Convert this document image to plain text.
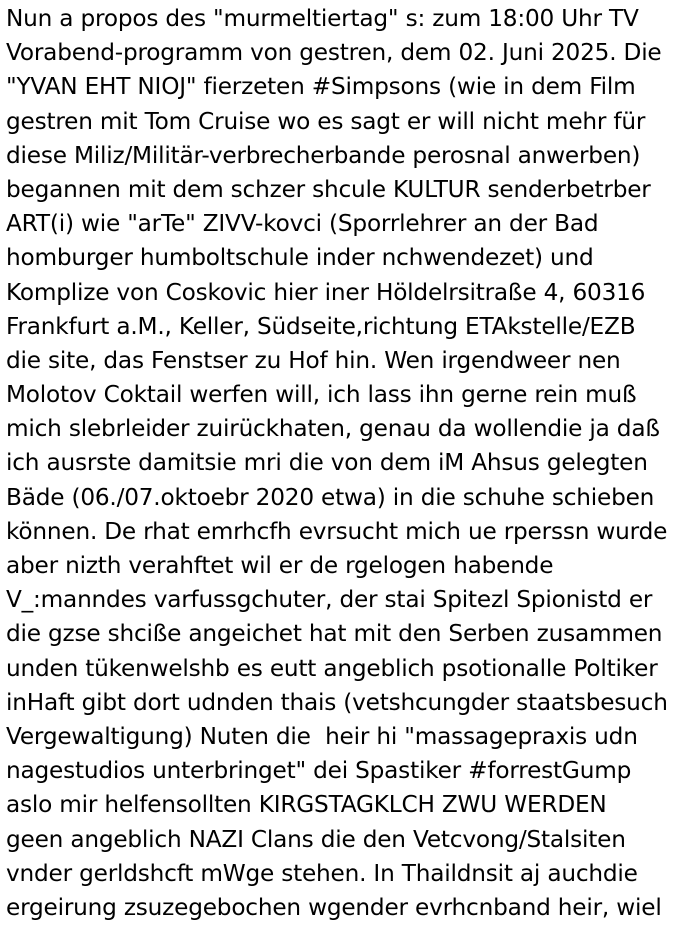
Nun a propos des "murmeltiertag" s: zum 18:00 Uhr TV
Vorabend-programm von gestren, dem 02. Juni 2025. Die
"YVAN EHT NIOJ" fierzeten #Simpsons (wie in dem Film
gestren mit Tom Cruise wo es sagt er will nicht mehr für
diese Miliz/Militär-verbrecherbande perosnal anwerben)
begannen mit dem schzer shcule KULTUR senderbetrber
ART(i) wie "arTe" ZIVV-kovci (Sporrlehrer an der Bad
homburger humboltschule inder nchwendezet) und
Komplize von Coskovic hier iner Höldelrsitraße 4, 60316
Frankfurt a.M., Keller, Südseite,richtung ETAkstelle/EZB
die site, das Fenstser zu Hof hin. Wen irgendweer nen
Molotov Coktail werfen will, ich lass ihn gerne rein muß
mich slebrleider zuirückhaten, genau da wollendie ja daß
ich ausrste damitsie mri die von dem iM Ahsus gelegten
Bäde (06./07.oktoebr 2020 etwa) in die schuhe schieben
können. De rhat emrhcfh evrsucht mich ue rperssn wurde
aber nizth verahftet wil er de rgelogen habende
V_:manndes varfussgchuter, der stai Spitezl Spionistd er
die gzse shciße angeichet hat mit den Serben zusammen
unden tükenwelshb es eutt angeblich psotionalle Poltiker
inHaft gibt dort udnden thais (vetshcungder staatsbesuch
Vergewaltigung) Nuten die  heir hi "massagepraxis udn
nagestudios unterbringet" dei Spastiker #forrestGump
aslo mir helfensollten KIRGSTAGKLCH ZWU WERDEN
geen angeblich NAZI Clans die den Vetcvong/Stalsiten
vnder gerldshcft mWge stehen. In Thaildnsit aj auchdie
ergeirung zsuzegebochen wgender evrhcnband heir, wiel
